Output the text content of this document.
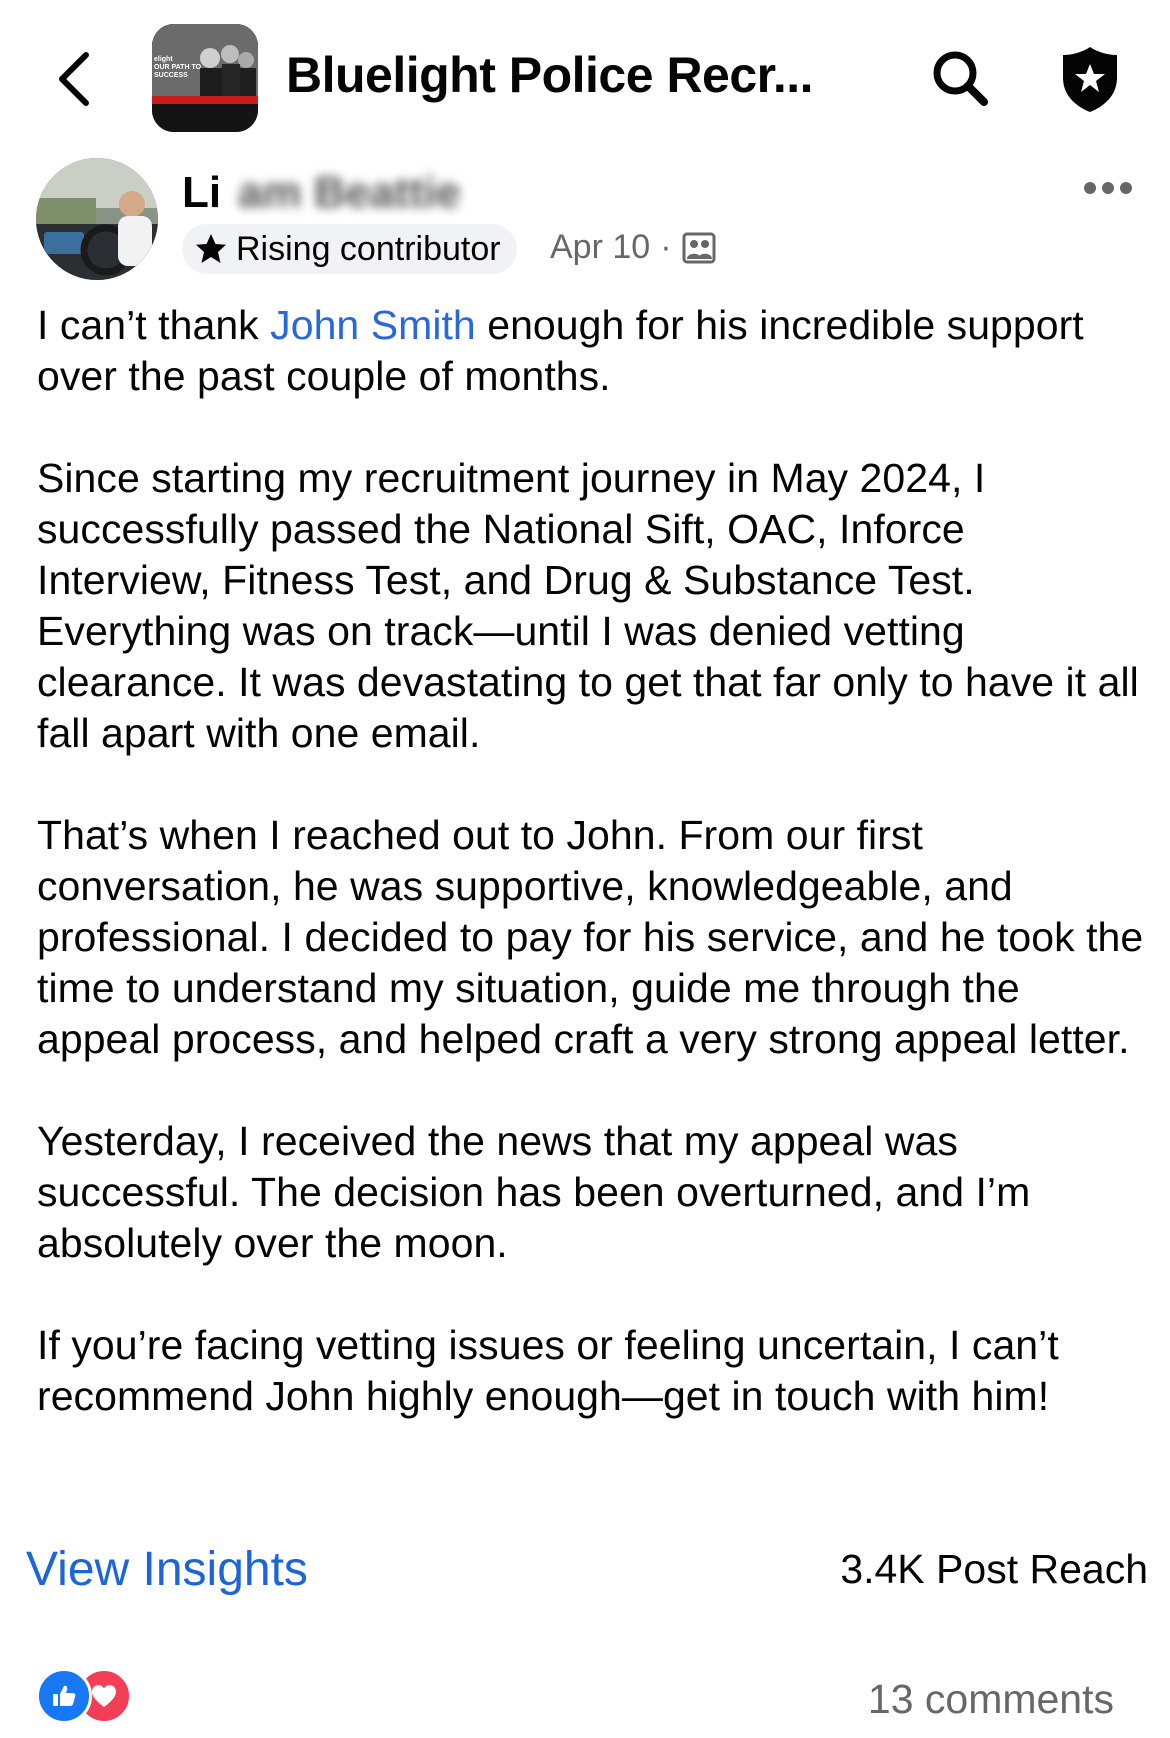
elight
OUR PATH TO
SUCCESS Bluelight Police Recr...
Li am Beattie
Rising contributor Apr 10 ·

I can’t thank John Smith enough for his incredible support over the past couple of months.

Since starting my recruitment journey in May 2024, I successfully passed the National Sift, OAC, Inforce Interview, Fitness Test, and Drug & Substance Test. Everything was on track—until I was denied vetting clearance. It was devastating to get that far only to have it all fall apart with one email.

That’s when I reached out to John. From our first conversation, he was supportive, knowledgeable, and professional. I decided to pay for his service, and he took the time to understand my situation, guide me through the appeal process, and helped craft a very strong appeal letter.

Yesterday, I received the news that my appeal was successful. The decision has been overturned, and I’m absolutely over the moon.

If you’re facing vetting issues or feeling uncertain, I can’t recommend John highly enough—get in touch with him!

View Insights	3.4K Post Reach
13 comments
